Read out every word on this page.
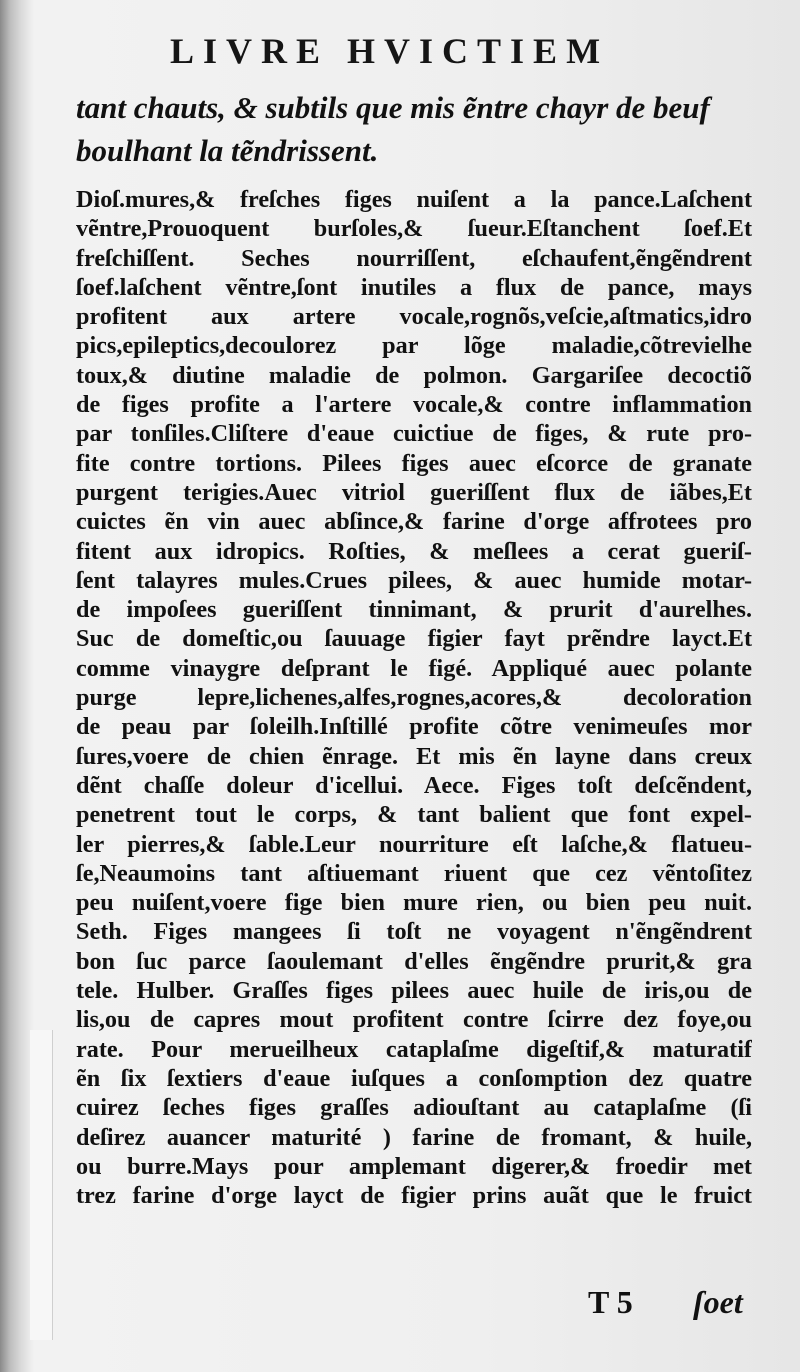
LIVRE HVICTIEM
tant chauts, & subtils que mis ẽntre chayr de beuf
boulhant la tẽndrissent.
Dioſ.mures,& freſches figes nuiſent a la pance.Laſchent
vẽntre,Prouoquent burſoles,& ſueur.Eſtanchent ſoef.Et
freſchiſſent. Seches nourriſſent, eſchaufent,ẽngẽndrent
ſoef.laſchent vẽntre,ſont inutiles a flux de pance, mays
profitent aux artere vocale,rognõs,veſcie,aſtmatics,idro
pics,epileptics,decoulorez par lõge maladie,cõtrevielhe
toux,& diutine maladie de polmon. Gargariſee decoctiõ
de figes profite a l'artere vocale,& contre inflammation
par tonſiles.Cliſtere d'eaue cuictiue de figes, & rute pro-
fite contre tortions. Pilees figes auec eſcorce de granate
purgent terigies.Auec vitriol gueriſſent flux de iãbes,Et
cuictes ẽn vin auec abſince,& farine d'orge affrotees pro
fitent aux idropics. Roſties, & meſlees a cerat gueriſ-
ſent talayres mules.Crues pilees, & auec humide motar-
de impoſees gueriſſent tinnimant, & prurit d'aurelhes.
Suc de domeſtic,ou ſauuage figier fayt prẽndre layct.Et
comme vinaygre deſprant le figé. Appliqué auec polante
purge lepre,lichenes,alfes,rognes,acores,& decoloration
de peau par ſoleilh.Inſtillé profite cõtre venimeuſes mor
ſures,voere de chien ẽnrage. Et mis ẽn layne dans creux
dẽnt chaſſe doleur d'icellui. Aece. Figes toſt deſcẽndent,
penetrent tout le corps, & tant balient que font expel-
ler pierres,& ſable.Leur nourriture eſt laſche,& flatueu-
ſe,Neaumoins tant aſtiuemant riuent que cez vẽntoſitez
peu nuiſent,voere fige bien mure rien, ou bien peu nuit.
Seth. Figes mangees ſi toſt ne voyagent n'ẽngẽndrent
bon ſuc parce ſaoulemant d'elles ẽngẽndre prurit,& gra
tele. Hulber. Graſſes figes pilees auec huile de iris,ou de
lis,ou de capres mout profitent contre ſcirre dez foye,ou
rate. Pour merueilheux cataplaſme digeſtif,& maturatif
ẽn ſix ſextiers d'eaue iuſques a conſomption dez quatre
cuirez ſeches figes graſſes adiouſtant au cataplaſme (ſi
deſirez auancer maturité ) farine de fromant, & huile,
ou burre.Mays pour amplemant digerer,& froedir met
trez farine d'orge layct de figier prins auãt que le fruict
T 5 ſoet
